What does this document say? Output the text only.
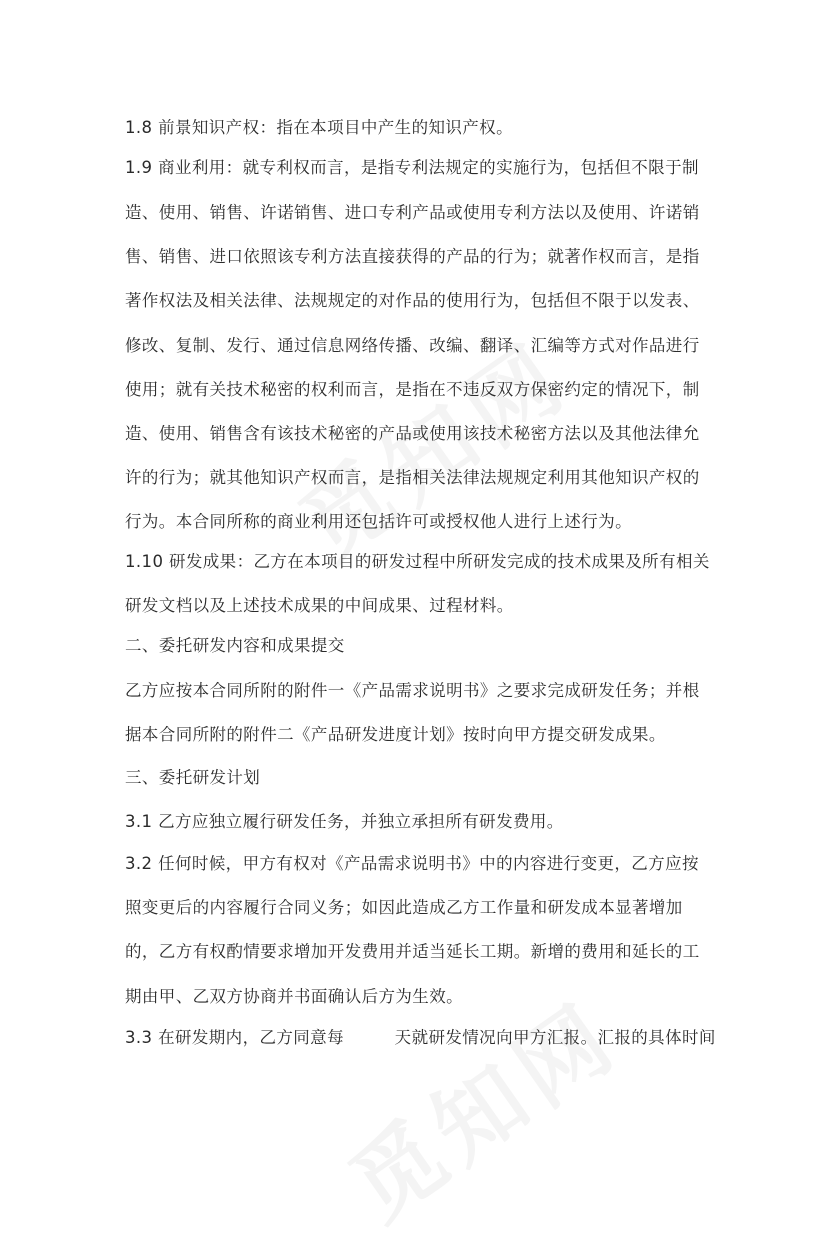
1.8 前景知识产权：指在本项目中产生的知识产权。
1.9 商业利用：就专利权而言，是指专利法规定的实施行为，包括但不限于制
造、使用、销售、许诺销售、进口专利产品或使用专利方法以及使用、许诺销
售、销售、进口依照该专利方法直接获得的产品的行为；就著作权而言，是指
著作权法及相关法律、法规规定的对作品的使用行为，包括但不限于以发表、
修改、复制、发行、通过信息网络传播、改编、翻译、汇编等方式对作品进行
使用；就有关技术秘密的权利而言，是指在不违反双方保密约定的情况下，制
造、使用、销售含有该技术秘密的产品或使用该技术秘密方法以及其他法律允
许的行为；就其他知识产权而言，是指相关法律法规规定利用其他知识产权的
行为。本合同所称的商业利用还包括许可或授权他人进行上述行为。
1.10 研发成果：乙方在本项目的研发过程中所研发完成的技术成果及所有相关
研发文档以及上述技术成果的中间成果、过程材料。
二、委托研发内容和成果提交
乙方应按本合同所附的附件一《产品需求说明书》之要求完成研发任务；并根
据本合同所附的附件二《产品研发进度计划》按时向甲方提交研发成果。
三、委托研发计划
3.1 乙方应独立履行研发任务，并独立承担所有研发费用。
3.2 任何时候，甲方有权对《产品需求说明书》中的内容进行变更，乙方应按
照变更后的内容履行合同义务；如因此造成乙方工作量和研发成本显著增加
的，乙方有权酌情要求增加开发费用并适当延长工期。新增的费用和延长的工
期由甲、乙双方协商并书面确认后方为生效。
3.3 在研发期内，乙方同意每　　　天就研发情况向甲方汇报。汇报的具体时间
